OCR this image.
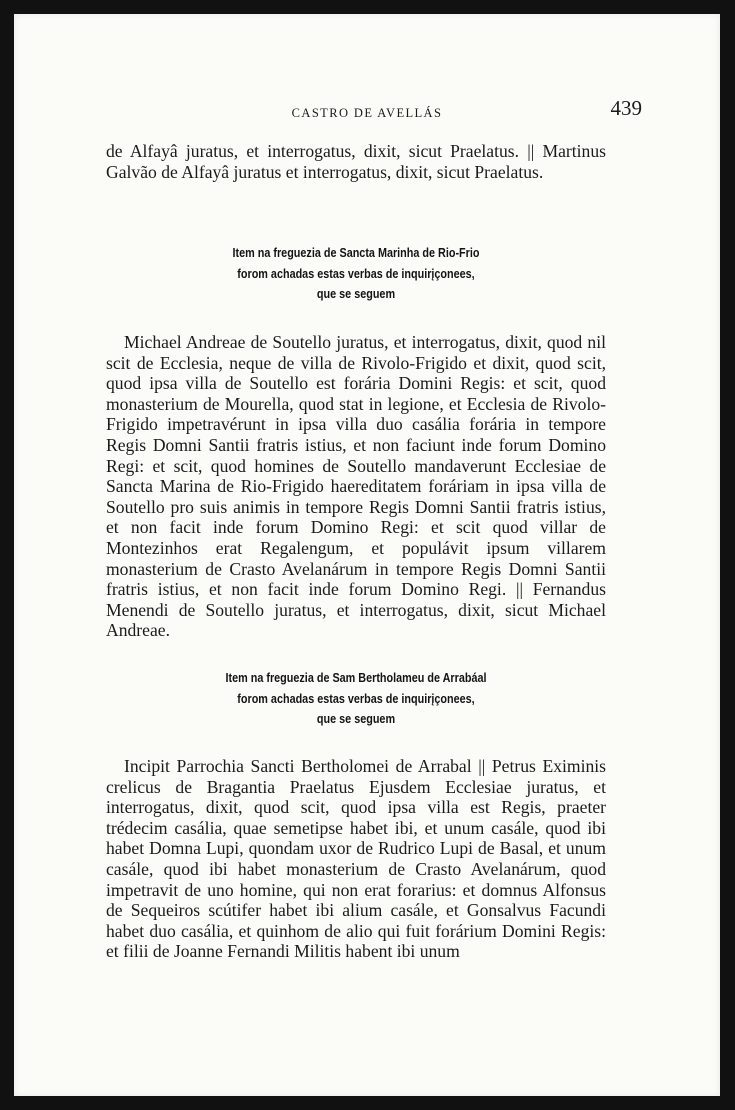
CASTRO DE AVELLÁS	439

de Alfayâ juratus, et interrogatus, dixit, sicut Praelatus. || Martinus Galvão de Alfayâ juratus et interrogatus, dixit, sicut Praelatus.

Item na freguezia de Sancta Marinha de Rio-Frio
forom achadas estas verbas de inquirįçonees,
que se seguem

Michael Andreae de Soutello juratus, et interrogatus, dixit, quod nil scit de Ecclesia, neque de villa de Rivolo-Frigido et dixit, quod scit, quod ipsa villa de Soutello est forária Domini Regis: et scit, quod monasterium de Mourella, quod stat in legione, et Ecclesia de Rivolo-Frigido impetravérunt in ipsa villa duo casália forária in tempore Regis Domni Santii fratris istius, et non faciunt inde forum Domino Regi: et scit, quod homines de Soutello mandaverunt Ecclesiae de Sancta Marina de Rio-Frigido haereditatem foráriam in ipsa villa de Soutello pro suis animis in tempore Regis Domni Santii fratris istius, et non facit inde forum Domino Regi: et scit quod villar de Montezinhos erat Regalengum, et populávit ipsum villarem monasterium de Crasto Avelanárum in tempore Regis Domni Santii fratris istius, et non facit inde forum Domino Regi. || Fernandus Menendi de Soutello juratus, et interrogatus, dixit, sicut Michael Andreae.

Item na freguezia de Sam Bertholameu de Arrabáal
forom achadas estas verbas de inquirįçonees,
que se seguem

Incipit Parrochia Sancti Bertholomei de Arrabal || Petrus Eximinis crelicus de Bragantia Praelatus Ejusdem Ecclesiae juratus, et interrogatus, dixit, quod scit, quod ipsa villa est Regis, praeter trédecim casália, quae semetipse habet ibi, et unum casále, quod ibi habet Domna Lupi, quondam uxor de Rudrico Lupi de Basal, et unum casále, quod ibi habet monasterium de Crasto Avelanárum, quod impetravit de uno homine, qui non erat forarius: et domnus Alfonsus de Sequeiros scútifer habet ibi alium casále, et Gonsalvus Facundi habet duo casália, et quinhom de alio qui fuit forárium Domini Regis: et filii de Joanne Fernandi Militis habent ibi unum
